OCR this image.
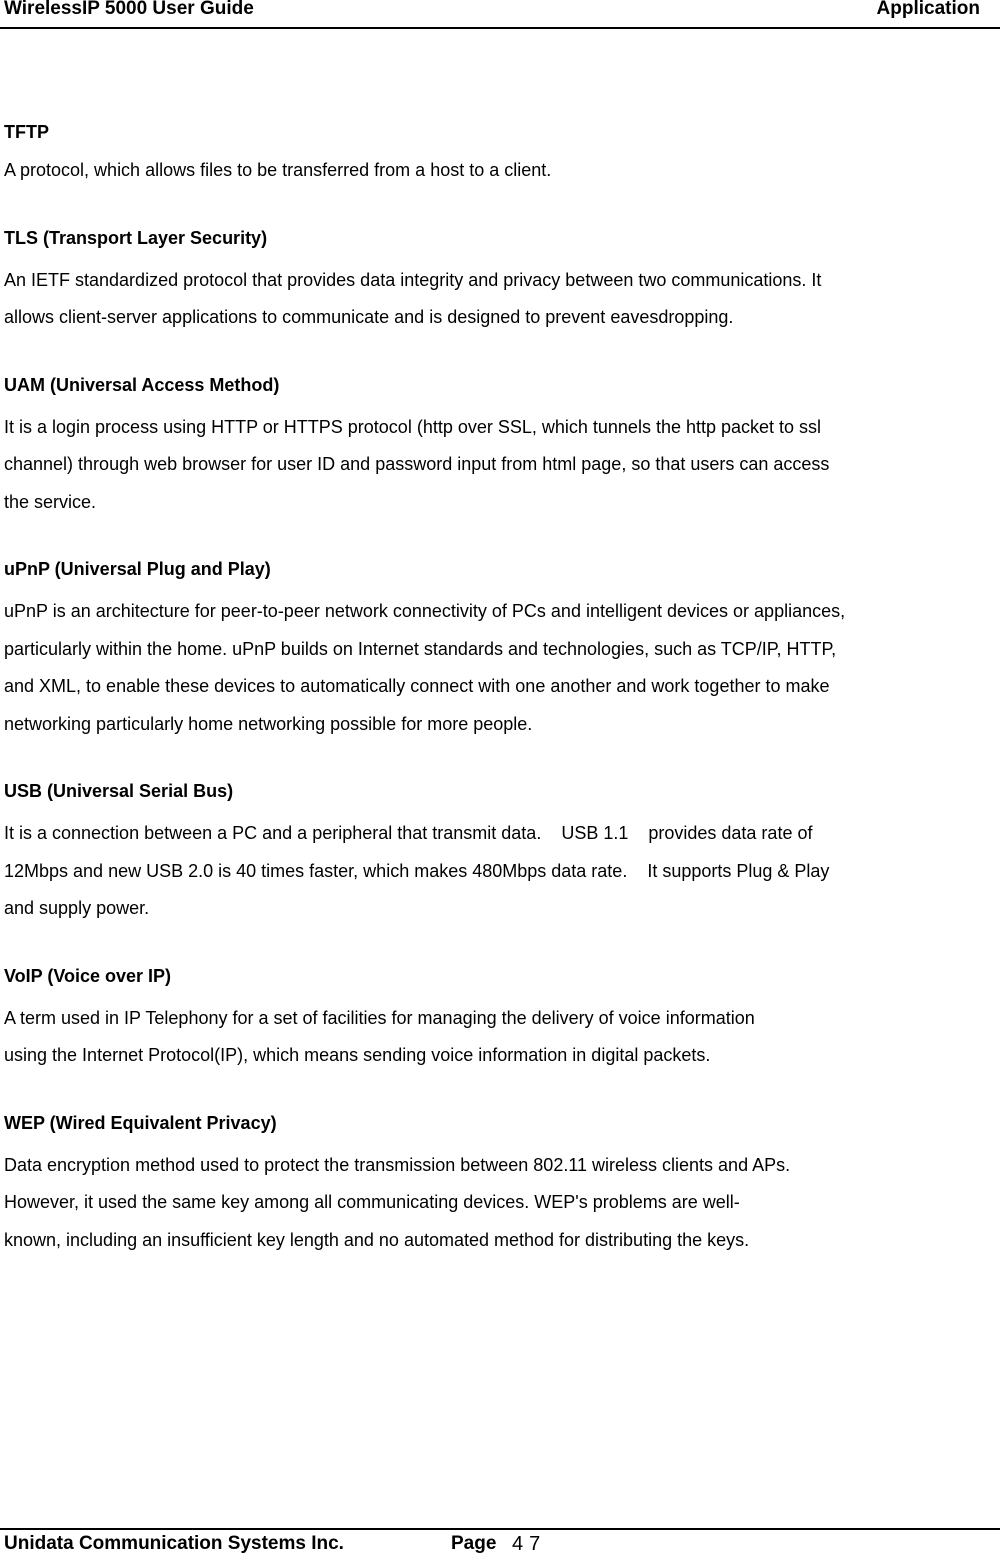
WirelessIP 5000 User Guide	Application
TFTP
A protocol, which allows files to be transferred from a host to a client.
TLS (Transport Layer Security)
An IETF standardized protocol that provides data integrity and privacy between two communications. It
allows client-server applications to communicate and is designed to prevent eavesdropping.
UAM (Universal Access Method)
It is a login process using HTTP or HTTPS protocol (http over SSL, which tunnels the http packet to ssl
channel) through web browser for user ID and password input from html page, so that users can access
the service.
uPnP (Universal Plug and Play)
uPnP is an architecture for peer-to-peer network connectivity of PCs and intelligent devices or appliances,
particularly within the home. uPnP builds on Internet standards and technologies, such as TCP/IP, HTTP,
and XML, to enable these devices to automatically connect with one another and work together to make
networking particularly home networking possible for more people.
USB (Universal Serial Bus)
It is a connection between a PC and a peripheral that transmit data.    USB 1.1    provides data rate of
12Mbps and new USB 2.0 is 40 times faster, which makes 480Mbps data rate.    It supports Plug & Play
and supply power.
VoIP (Voice over IP)
A term used in IP Telephony for a set of facilities for managing the delivery of voice information
using the Internet Protocol(IP), which means sending voice information in digital packets.
WEP (Wired Equivalent Privacy)
Data encryption method used to protect the transmission between 802.11 wireless clients and APs.
However, it used the same key among all communicating devices. WEP's problems are well-
known, including an insufficient key length and no automated method for distributing the keys.
Unidata Communication Systems Inc.	Page 47
